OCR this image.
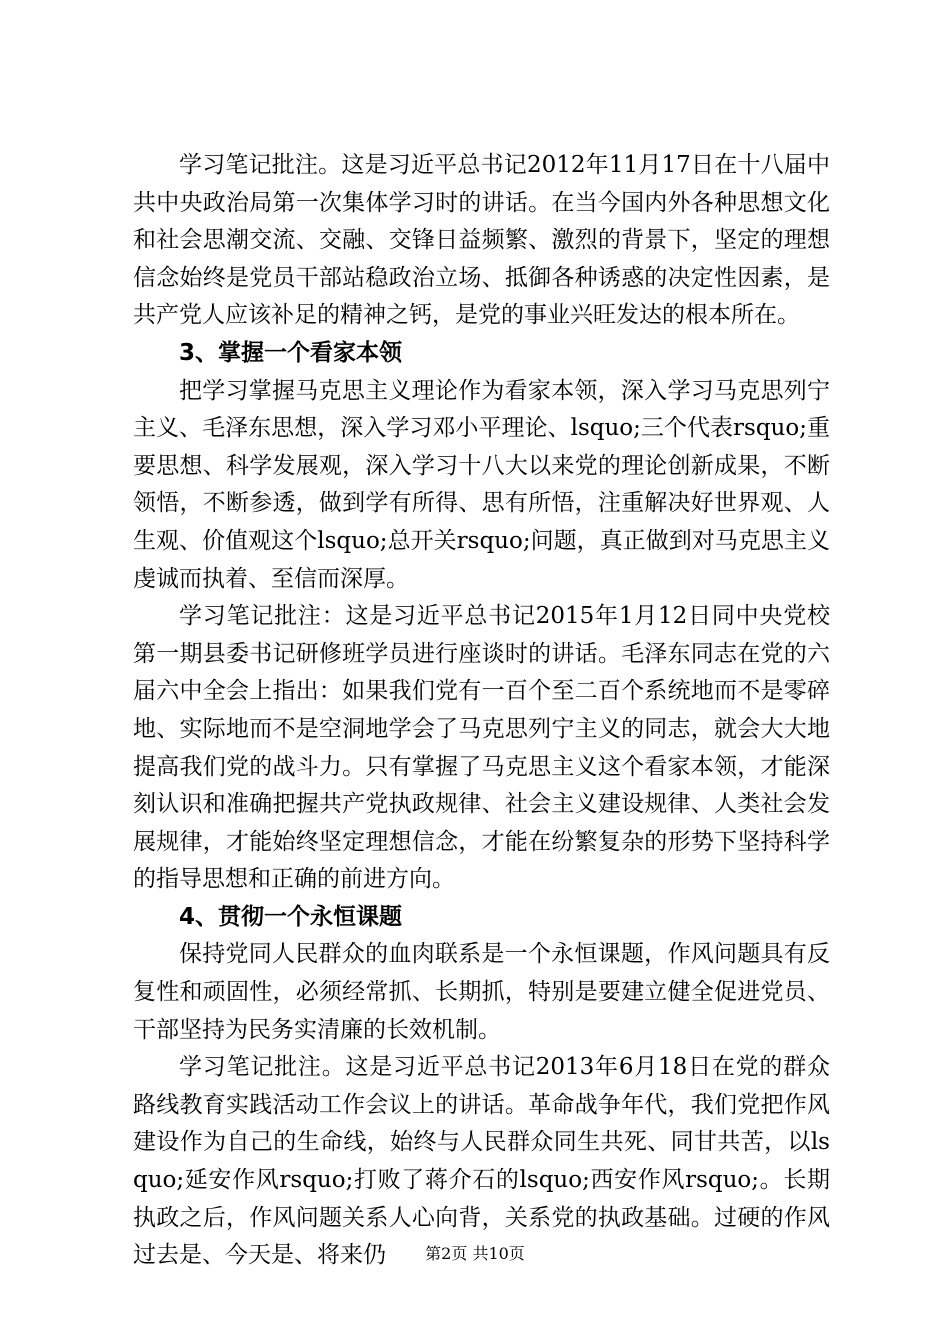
学习笔记批注。这是习近平总书记2012年11月17日在十八届中共中央政治局第一次集体学习时的讲话。在当今国内外各种思想文化和社会思潮交流、交融、交锋日益频繁、激烈的背景下，坚定的理想信念始终是党员干部站稳政治立场、抵御各种诱惑的决定性因素，是共产党人应该补足的精神之钙，是党的事业兴旺发达的根本所在。

3、掌握一个看家本领

把学习掌握马克思主义理论作为看家本领，深入学习马克思列宁主义、毛泽东思想，深入学习邓小平理论、lsquo;三个代表rsquo;重要思想、科学发展观，深入学习十八大以来党的理论创新成果，不断领悟，不断参透，做到学有所得、思有所悟，注重解决好世界观、人生观、价值观这个lsquo;总开关rsquo;问题，真正做到对马克思主义虔诚而执着、至信而深厚。

学习笔记批注：这是习近平总书记2015年1月12日同中央党校第一期县委书记研修班学员进行座谈时的讲话。毛泽东同志在党的六届六中全会上指出：如果我们党有一百个至二百个系统地而不是零碎地、实际地而不是空洞地学会了马克思列宁主义的同志，就会大大地提高我们党的战斗力。只有掌握了马克思主义这个看家本领，才能深刻认识和准确把握共产党执政规律、社会主义建设规律、人类社会发展规律，才能始终坚定理想信念，才能在纷繁复杂的形势下坚持科学的指导思想和正确的前进方向。

4、贯彻一个永恒课题

保持党同人民群众的血肉联系是一个永恒课题，作风问题具有反复性和顽固性，必须经常抓、长期抓，特别是要建立健全促进党员、干部坚持为民务实清廉的长效机制。

学习笔记批注。这是习近平总书记2013年6月18日在党的群众路线教育实践活动工作会议上的讲话。革命战争年代，我们党把作风建设作为自己的生命线，始终与人民群众同生共死、同甘共苦，以lsquo;延安作风rsquo;打败了蒋介石的lsquo;西安作风rsquo;。长期执政之后，作风问题关系人心向背，关系党的执政基础。过硬的作风过去是、今天是、将来仍	第2页 共10页
